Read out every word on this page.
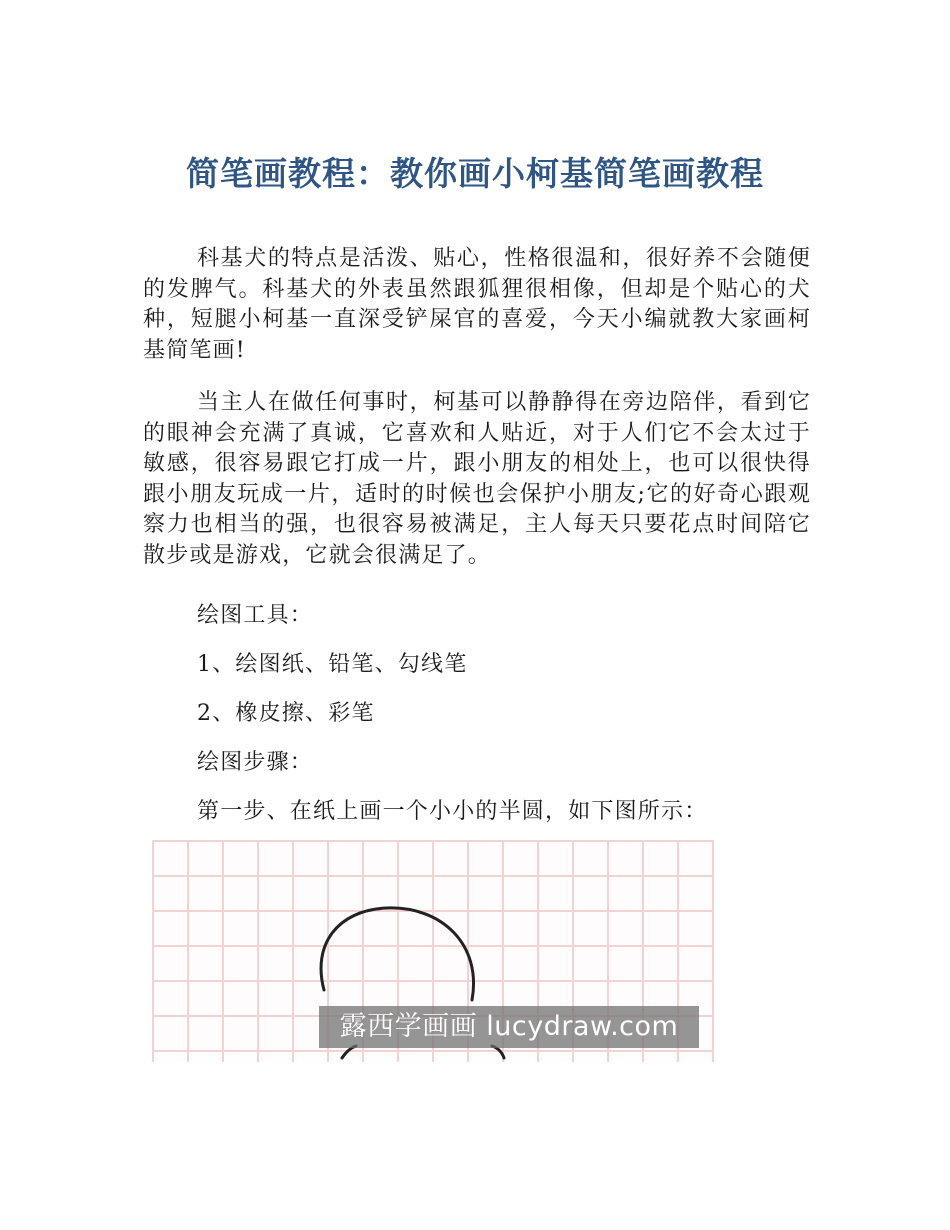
简笔画教程：教你画小柯基简笔画教程

科基犬的特点是活泼、贴心，性格很温和，很好养不会随便的发脾气。科基犬的外表虽然跟狐狸很相像，但却是个贴心的犬种，短腿小柯基一直深受铲屎官的喜爱，今天小编就教大家画柯基简笔画!

当主人在做任何事时，柯基可以静静得在旁边陪伴，看到它的眼神会充满了真诚，它喜欢和人贴近，对于人们它不会太过于敏感，很容易跟它打成一片，跟小朋友的相处上，也可以很快得跟小朋友玩成一片，适时的时候也会保护小朋友;它的好奇心跟观察力也相当的强，也很容易被满足，主人每天只要花点时间陪它散步或是游戏，它就会很满足了。

绘图工具：

1、绘图纸、铅笔、勾线笔

2、橡皮擦、彩笔

绘图步骤：

第一步、在纸上画一个小小的半圆，如下图所示：

露西学画画 lucydraw.com
